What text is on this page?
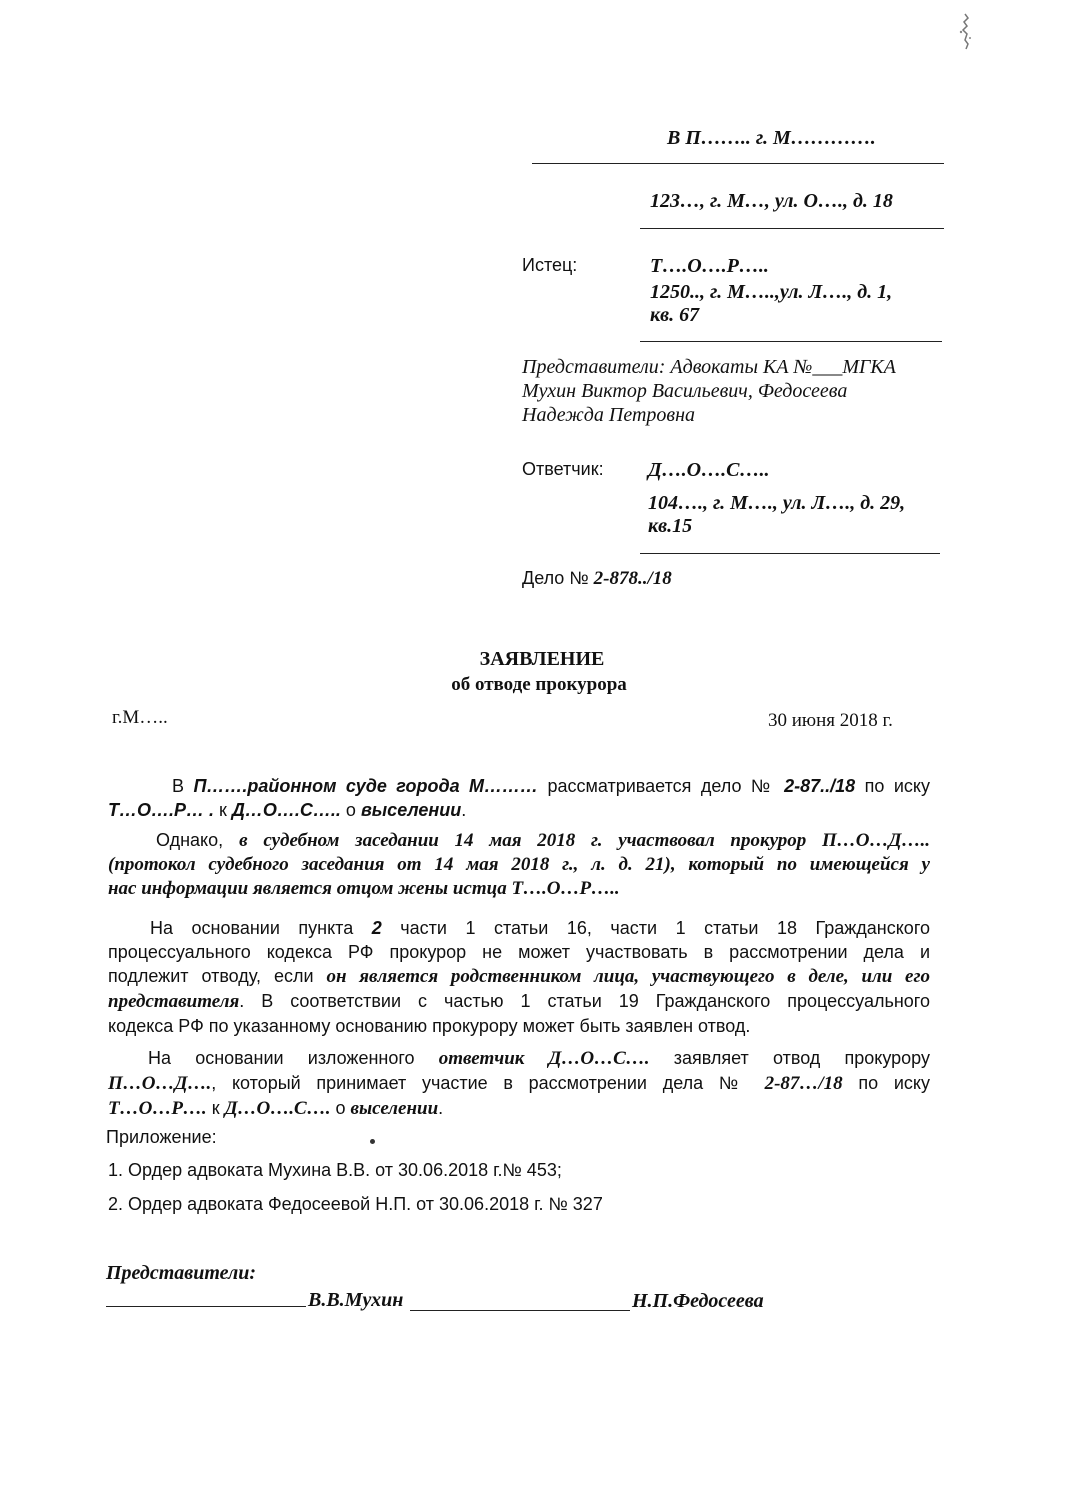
В П…….. г. М………….
123…, г. М…, ул. О…., д. 18
Истец:	Т….О….Р…..
1250.., г. М…..,ул. Л…., д. 1,
кв. 67
Представители: Адвокаты КА №___МГКА
Мухин Виктор Васильевич, Федосеева
Надежда Петровна
Ответчик: Д….О….С…..
104…., г. М…., ул. Л…., д. 29,
кв.15
Дело № 2-878../18
ЗАЯВЛЕНИЕ
об отводе прокурора
г.М…..	30 июня 2018 г.
В П…….районном суде города М……… рассматривается дело № 2-87../18 по иску
Т…О….Р… . к Д…О….С….. о выселении.
Однако, в судебном заседании 14 мая 2018 г. участвовал прокурор П…О…Д…..
(протокол судебного заседания от 14 мая 2018 г., л. д. 21), который по имеющейся у
нас информации является отцом жены истца Т….О…Р…..
На основании пункта 2 части 1 статьи 16, части 1 статьи 18 Гражданского
процессуального кодекса РФ прокурор не может участвовать в рассмотрении дела и
подлежит отводу, если он является родственником лица, участвующего в деле, или его
представителя. В соответствии с частью 1 статьи 19 Гражданского процессуального
кодекса РФ по указанному основанию прокурору может быть заявлен отвод.
На основании изложенного ответчик Д…О…С…. заявляет отвод прокурору
П…О…Д…., который принимает участие в рассмотрении дела № 2-87…/18 по иску
Т…О…Р…. к Д…О….С…. о выселении.
Приложение:
1. Ордер адвоката Мухина В.В. от 30.06.2018 г.№ 453;
2. Ордер адвоката Федосеевой Н.П. от 30.06.2018 г. № 327
Представители:
В.В.Мухин	Н.П.Федосеева
